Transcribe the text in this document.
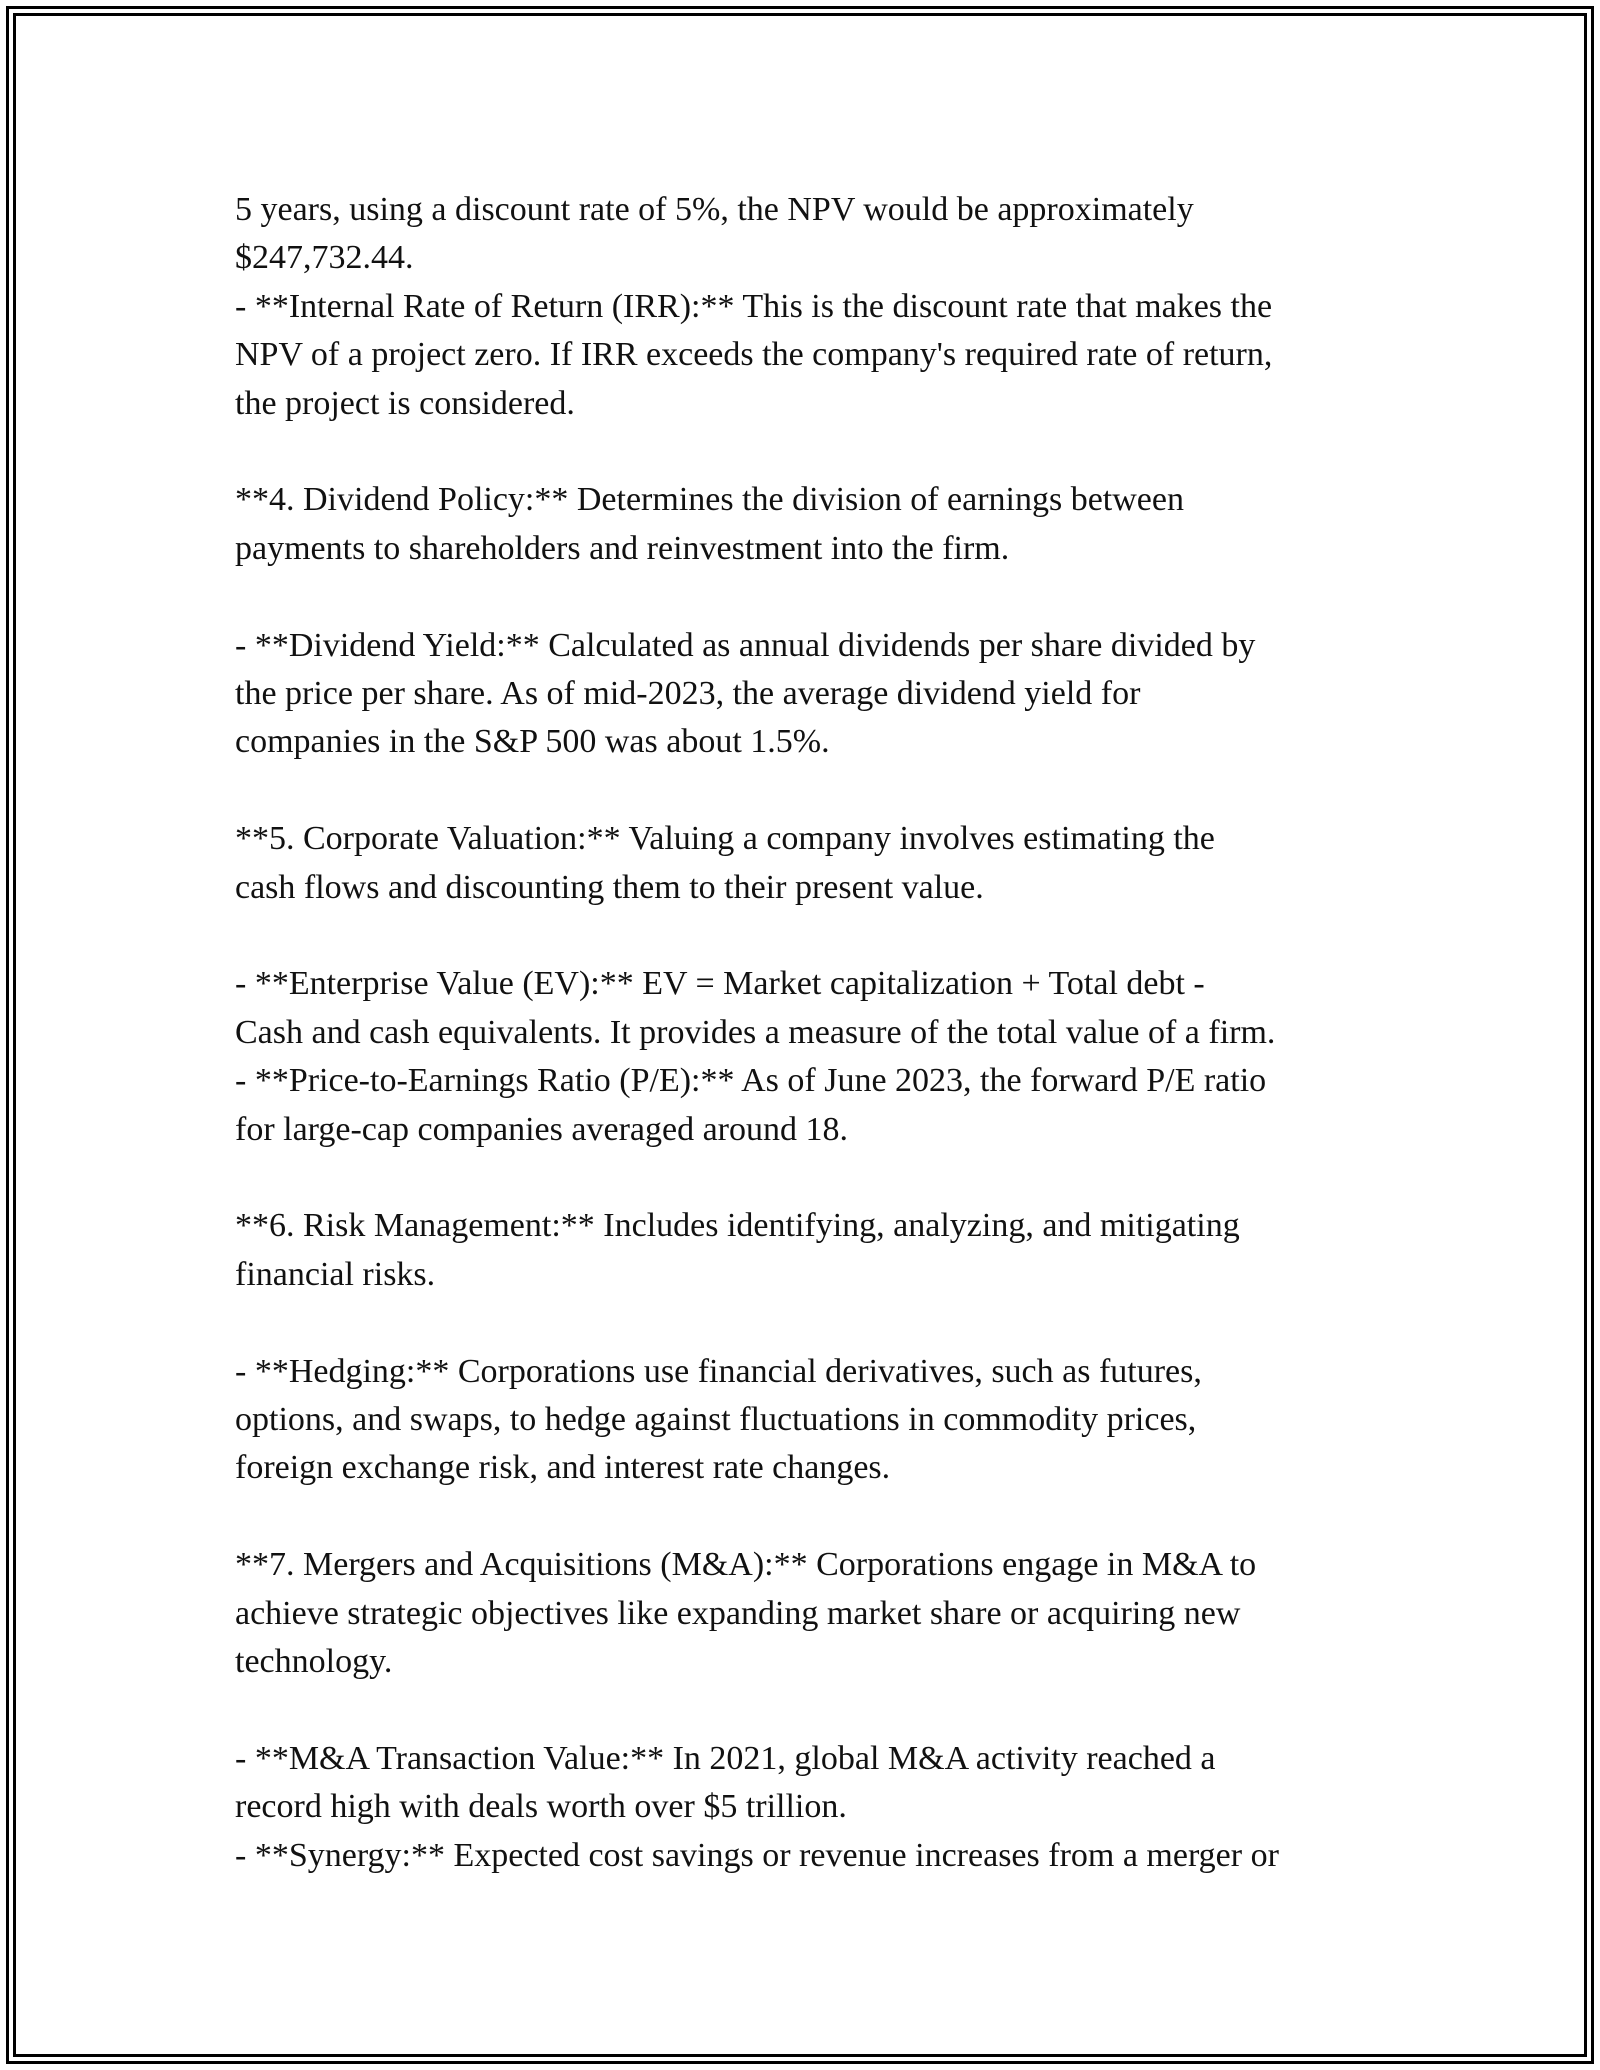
5 years, using a discount rate of 5%, the NPV would be approximately
$247,732.44.
- **Internal Rate of Return (IRR):** This is the discount rate that makes the
NPV of a project zero. If IRR exceeds the company's required rate of return,
the project is considered.
**4. Dividend Policy:** Determines the division of earnings between
payments to shareholders and reinvestment into the firm.
- **Dividend Yield:** Calculated as annual dividends per share divided by
the price per share. As of mid-2023, the average dividend yield for
companies in the S&P 500 was about 1.5%.
**5. Corporate Valuation:** Valuing a company involves estimating the
cash flows and discounting them to their present value.
- **Enterprise Value (EV):** EV = Market capitalization + Total debt -
Cash and cash equivalents. It provides a measure of the total value of a firm.
- **Price-to-Earnings Ratio (P/E):** As of June 2023, the forward P/E ratio
for large-cap companies averaged around 18.
**6. Risk Management:** Includes identifying, analyzing, and mitigating
financial risks.
- **Hedging:** Corporations use financial derivatives, such as futures,
options, and swaps, to hedge against fluctuations in commodity prices,
foreign exchange risk, and interest rate changes.
**7. Mergers and Acquisitions (M&A):** Corporations engage in M&A to
achieve strategic objectives like expanding market share or acquiring new
technology.
- **M&A Transaction Value:** In 2021, global M&A activity reached a
record high with deals worth over $5 trillion.
- **Synergy:** Expected cost savings or revenue increases from a merger or
